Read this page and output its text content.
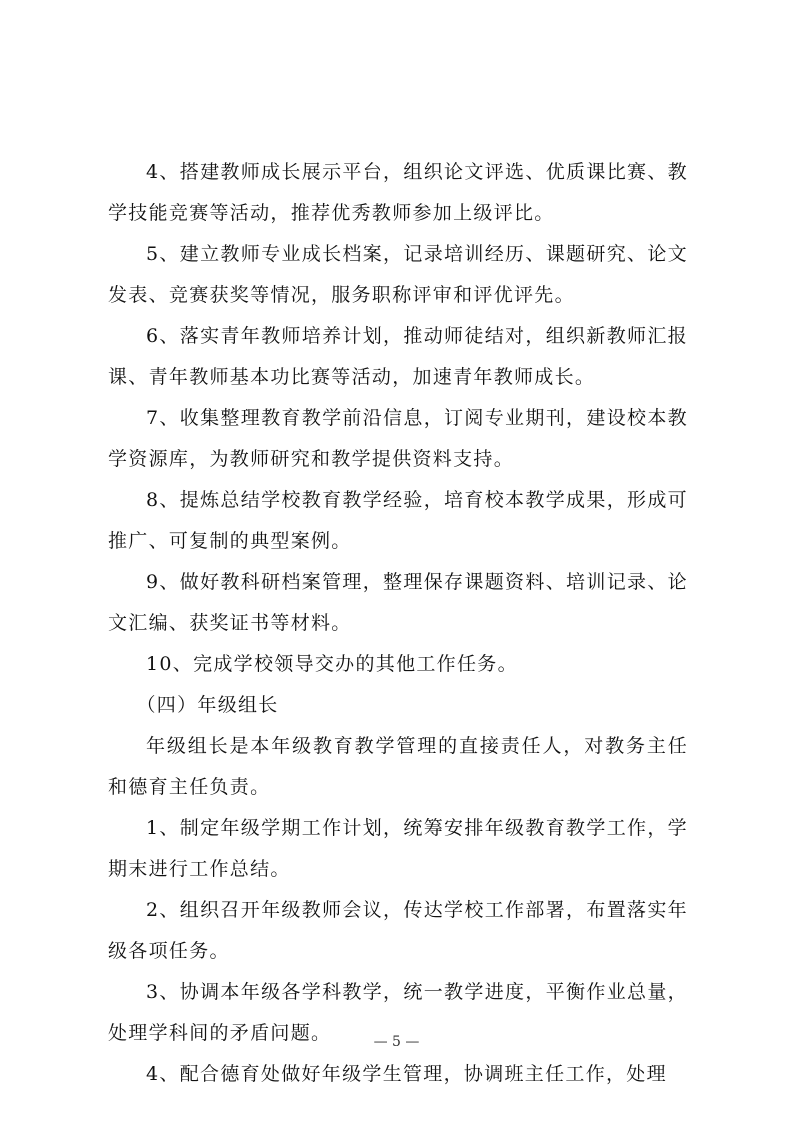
4、搭建教师成长展示平台，组织论文评选、优质课比赛、教学技能竞赛等活动，推荐优秀教师参加上级评比。

5、建立教师专业成长档案，记录培训经历、课题研究、论文发表、竞赛获奖等情况，服务职称评审和评优评先。

6、落实青年教师培养计划，推动师徒结对，组织新教师汇报课、青年教师基本功比赛等活动，加速青年教师成长。

7、收集整理教育教学前沿信息，订阅专业期刊，建设校本教学资源库，为教师研究和教学提供资料支持。

8、提炼总结学校教育教学经验，培育校本教学成果，形成可推广、可复制的典型案例。

9、做好教科研档案管理，整理保存课题资料、培训记录、论文汇编、获奖证书等材料。

10、完成学校领导交办的其他工作任务。

（四）年级组长

年级组长是本年级教育教学管理的直接责任人，对教务主任和德育主任负责。

1、制定年级学期工作计划，统筹安排年级教育教学工作，学期末进行工作总结。

2、组织召开年级教师会议，传达学校工作部署，布置落实年级各项任务。

3、协调本年级各学科教学，统一教学进度，平衡作业总量，处理学科间的矛盾问题。

4、配合德育处做好年级学生管理，协调班主任工作，处理

— 5 —
